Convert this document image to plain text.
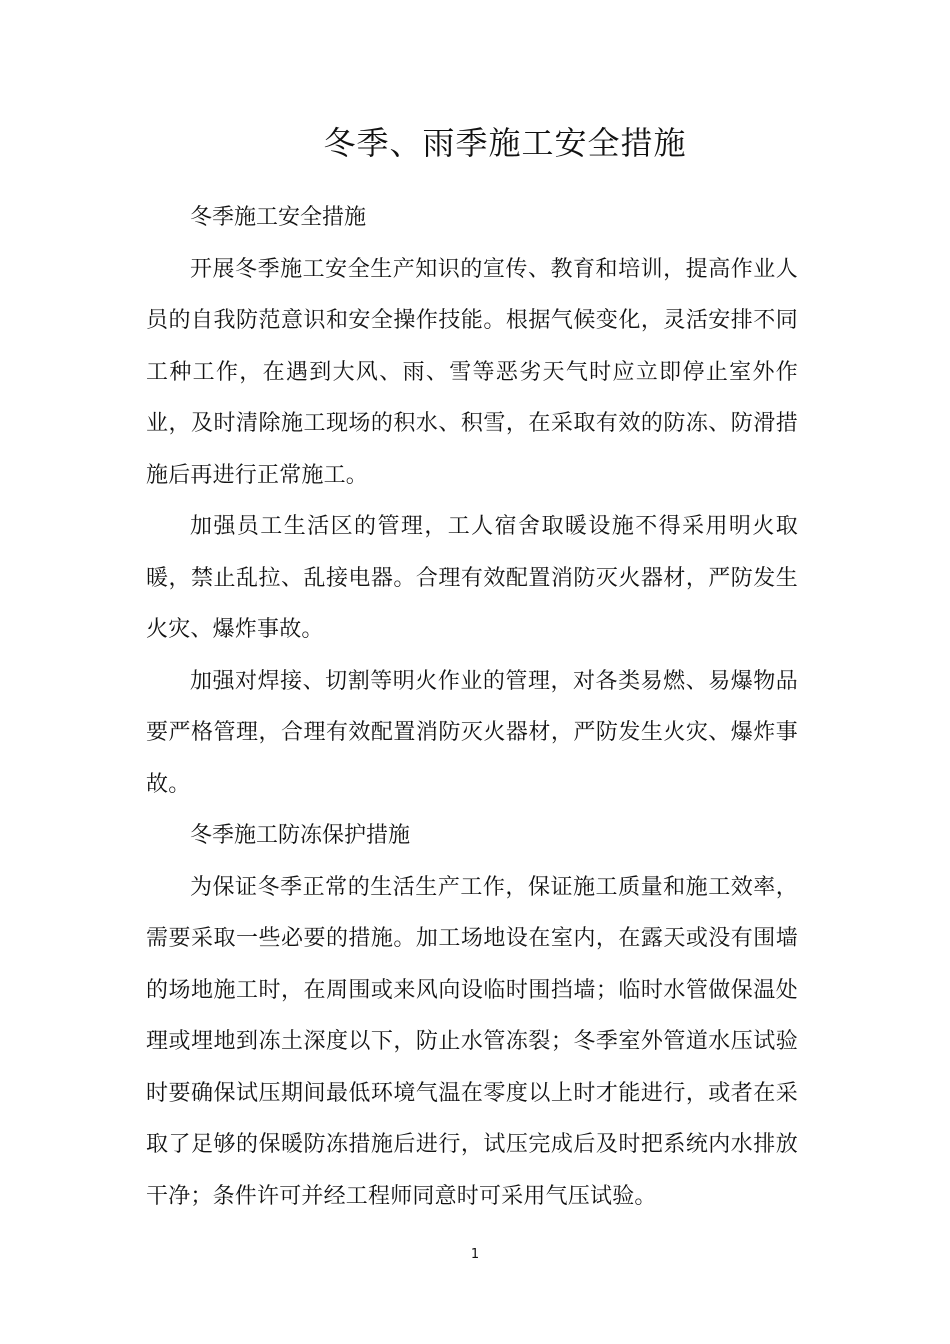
冬季、雨季施工安全措施

冬季施工安全措施

开展冬季施工安全生产知识的宣传、教育和培训，提高作业人员的自我防范意识和安全操作技能。根据气候变化，灵活安排不同工种工作，在遇到大风、雨、雪等恶劣天气时应立即停止室外作业，及时清除施工现场的积水、积雪，在采取有效的防冻、防滑措施后再进行正常施工。

加强员工生活区的管理，工人宿舍取暖设施不得采用明火取暖，禁止乱拉、乱接电器。合理有效配置消防灭火器材，严防发生火灾、爆炸事故。

加强对焊接、切割等明火作业的管理，对各类易燃、易爆物品要严格管理，合理有效配置消防灭火器材，严防发生火灾、爆炸事故。

冬季施工防冻保护措施

为保证冬季正常的生活生产工作，保证施工质量和施工效率，需要采取一些必要的措施。加工场地设在室内，在露天或没有围墙的场地施工时，在周围或来风向设临时围挡墙；临时水管做保温处理或埋地到冻土深度以下，防止水管冻裂；冬季室外管道水压试验时要确保试压期间最低环境气温在零度以上时才能进行，或者在采取了足够的保暖防冻措施后进行，试压完成后及时把系统内水排放干净；条件许可并经工程师同意时可采用气压试验。

1
